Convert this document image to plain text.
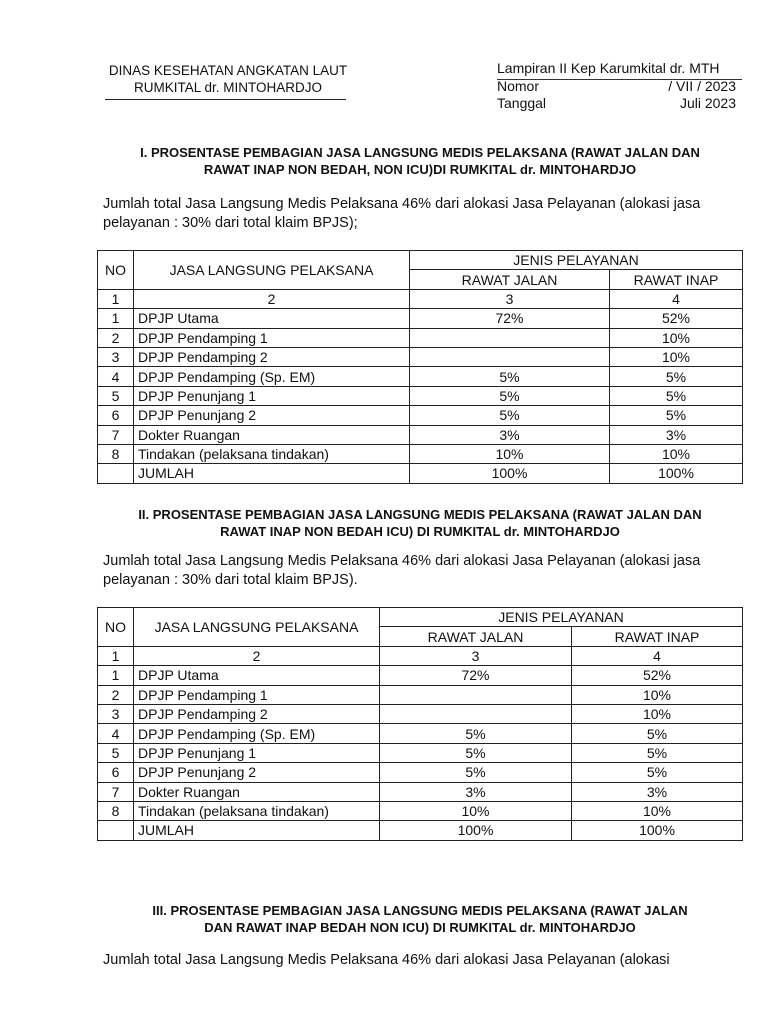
DINAS KESEHATAN ANGKATAN LAUT
RUMKITAL dr. MINTOHARDJO
Lampiran II Kep Karumkital dr. MTH
Nomor	/ VII / 2023
Tanggal	Juli 2023
I. PROSENTASE PEMBAGIAN JASA LANGSUNG MEDIS PELAKSANA (RAWAT JALAN DAN
RAWAT INAP NON BEDAH, NON ICU)DI RUMKITAL dr. MINTOHARDJO
Jumlah total Jasa Langsung Medis Pelaksana 46% dari alokasi Jasa Pelayanan (alokasi jasa
pelayanan : 30% dari total klaim BPJS);
NO	JASA LANGSUNG PELAKSANA	JENIS PELAYANAN	
		RAWAT JALAN	RAWAT INAP
1	2	3	4
1	DPJP Utama	72%	52%
2	DPJP Pendamping 1		10%
3	DPJP Pendamping 2		10%
4	DPJP Pendamping (Sp. EM)	5%	5%
5	DPJP Penunjang 1	5%	5%
6	DPJP Penunjang 2	5%	5%
7	Dokter Ruangan	3%	3%
8	Tindakan (pelaksana tindakan)	10%	10%
	JUMLAH	100%	100%
II. PROSENTASE PEMBAGIAN JASA LANGSUNG MEDIS PELAKSANA (RAWAT JALAN DAN
RAWAT INAP NON BEDAH ICU) DI RUMKITAL dr. MINTOHARDJO
Jumlah total Jasa Langsung Medis Pelaksana 46% dari alokasi Jasa Pelayanan (alokasi jasa
pelayanan : 30% dari total klaim BPJS).
NO	JASA LANGSUNG PELAKSANA	JENIS PELAYANAN	
		RAWAT JALAN	RAWAT INAP
1	2	3	4
1	DPJP Utama	72%	52%
2	DPJP Pendamping 1		10%
3	DPJP Pendamping 2		10%
4	DPJP Pendamping (Sp. EM)	5%	5%
5	DPJP Penunjang 1	5%	5%
6	DPJP Penunjang 2	5%	5%
7	Dokter Ruangan	3%	3%
8	Tindakan (pelaksana tindakan)	10%	10%
	JUMLAH	100%	100%
III. PROSENTASE PEMBAGIAN JASA LANGSUNG MEDIS PELAKSANA (RAWAT JALAN
DAN RAWAT INAP BEDAH NON ICU) DI RUMKITAL dr. MINTOHARDJO
Jumlah total Jasa Langsung Medis Pelaksana 46% dari alokasi Jasa Pelayanan (alokasi
